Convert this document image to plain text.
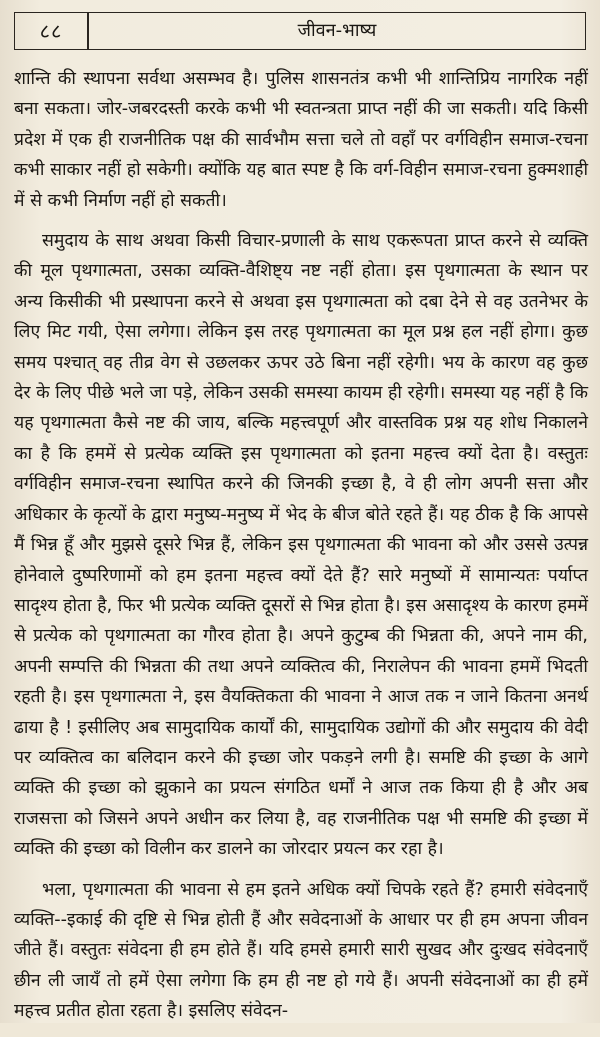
८८	जीवन-भाष्य

शान्ति की स्थापना सर्वथा असम्भव है। पुलिस शासनतंत्र कभी भी शान्तिप्रिय नागरिक नहीं बना सकता। जोर-जबरदस्ती करके कभी भी स्वतन्त्रता प्राप्त नहीं की जा सकती। यदि किसी प्रदेश में एक ही राजनीतिक पक्ष की सार्वभौम सत्ता चले तो वहाँ पर वर्गविहीन समाज-रचना कभी साकार नहीं हो सकेगी। क्योंकि यह बात स्पष्ट है कि वर्ग-विहीन समाज-रचना हुक्मशाही में से कभी निर्माण नहीं हो सकती।

समुदाय के साथ अथवा किसी विचार-प्रणाली के साथ एकरूपता प्राप्त करने से व्यक्ति की मूल पृथगात्मता, उसका व्यक्ति-वैशिष्ट्य नष्ट नहीं होता। इस पृथगात्मता के स्थान पर अन्य किसीकी भी प्रस्थापना करने से अथवा इस पृथगात्मता को दबा देने से वह उतनेभर के लिए मिट गयी, ऐसा लगेगा। लेकिन इस तरह पृथगात्मता का मूल प्रश्न हल नहीं होगा। कुछ समय पश्चात् वह तीव्र वेग से उछलकर ऊपर उठे बिना नहीं रहेगी। भय के कारण वह कुछ देर के लिए पीछे भले जा पड़े, लेकिन उसकी समस्या कायम ही रहेगी। समस्या यह नहीं है कि यह पृथगात्मता कैसे नष्ट की जाय, बल्कि महत्त्वपूर्ण और वास्तविक प्रश्न यह शोध निकालने का है कि हममें से प्रत्येक व्यक्ति इस पृथगात्मता को इतना महत्त्व क्यों देता है। वस्तुतः वर्गविहीन समाज-रचना स्थापित करने की जिनकी इच्छा है, वे ही लोग अपनी सत्ता और अधिकार के कृत्यों के द्वारा मनुष्य-मनुष्य में भेद के बीज बोते रहते हैं। यह ठीक है कि आपसे मैं भिन्न हूँ और मुझसे दूसरे भिन्न हैं, लेकिन इस पृथगात्मता की भावना को और उससे उत्पन्न होनेवाले दुष्परिणामों को हम इतना महत्त्व क्यों देते हैं? सारे मनुष्यों में सामान्यतः पर्याप्त सादृश्य होता है, फिर भी प्रत्येक व्यक्ति दूसरों से भिन्न होता है। इस असादृश्य के कारण हममें से प्रत्येक को पृथगात्मता का गौरव होता है। अपने कुटुम्ब की भिन्नता की, अपने नाम की, अपनी सम्पत्ति की भिन्नता की तथा अपने व्यक्तित्व की, निरालेपन की भावना हममें भिदती रहती है। इस पृथगात्मता ने, इस वैयक्तिकता की भावना ने आज तक न जाने कितना अनर्थ ढाया है ! इसीलिए अब सामुदायिक कार्यों की, सामुदायिक उद्योगों की और समुदाय की वेदी पर व्यक्तित्व का बलिदान करने की इच्छा जोर पकड़ने लगी है। समष्टि की इच्छा के आगे व्यक्ति की इच्छा को झुकाने का प्रयत्न संगठित धर्मों ने आज तक किया ही है और अब राजसत्ता को जिसने अपने अधीन कर लिया है, वह राजनीतिक पक्ष भी समष्टि की इच्छा में व्यक्ति की इच्छा को विलीन कर डालने का जोरदार प्रयत्न कर रहा है।

भला, पृथगात्मता की भावना से हम इतने अधिक क्यों चिपके रहते हैं? हमारी संवेदनाएँ व्यक्ति--इकाई की दृष्टि से भिन्न होती हैं और सवेदनाओं के आधार पर ही हम अपना जीवन जीते हैं। वस्तुतः संवेदना ही हम होते हैं। यदि हमसे हमारी सारी सुखद और दुःखद संवेदनाएँ छीन ली जायँ तो हमें ऐसा लगेगा कि हम ही नष्ट हो गये हैं। अपनी संवेदनाओं का ही हमें महत्त्व प्रतीत होता रहता है। इसलिए संवेदन-
